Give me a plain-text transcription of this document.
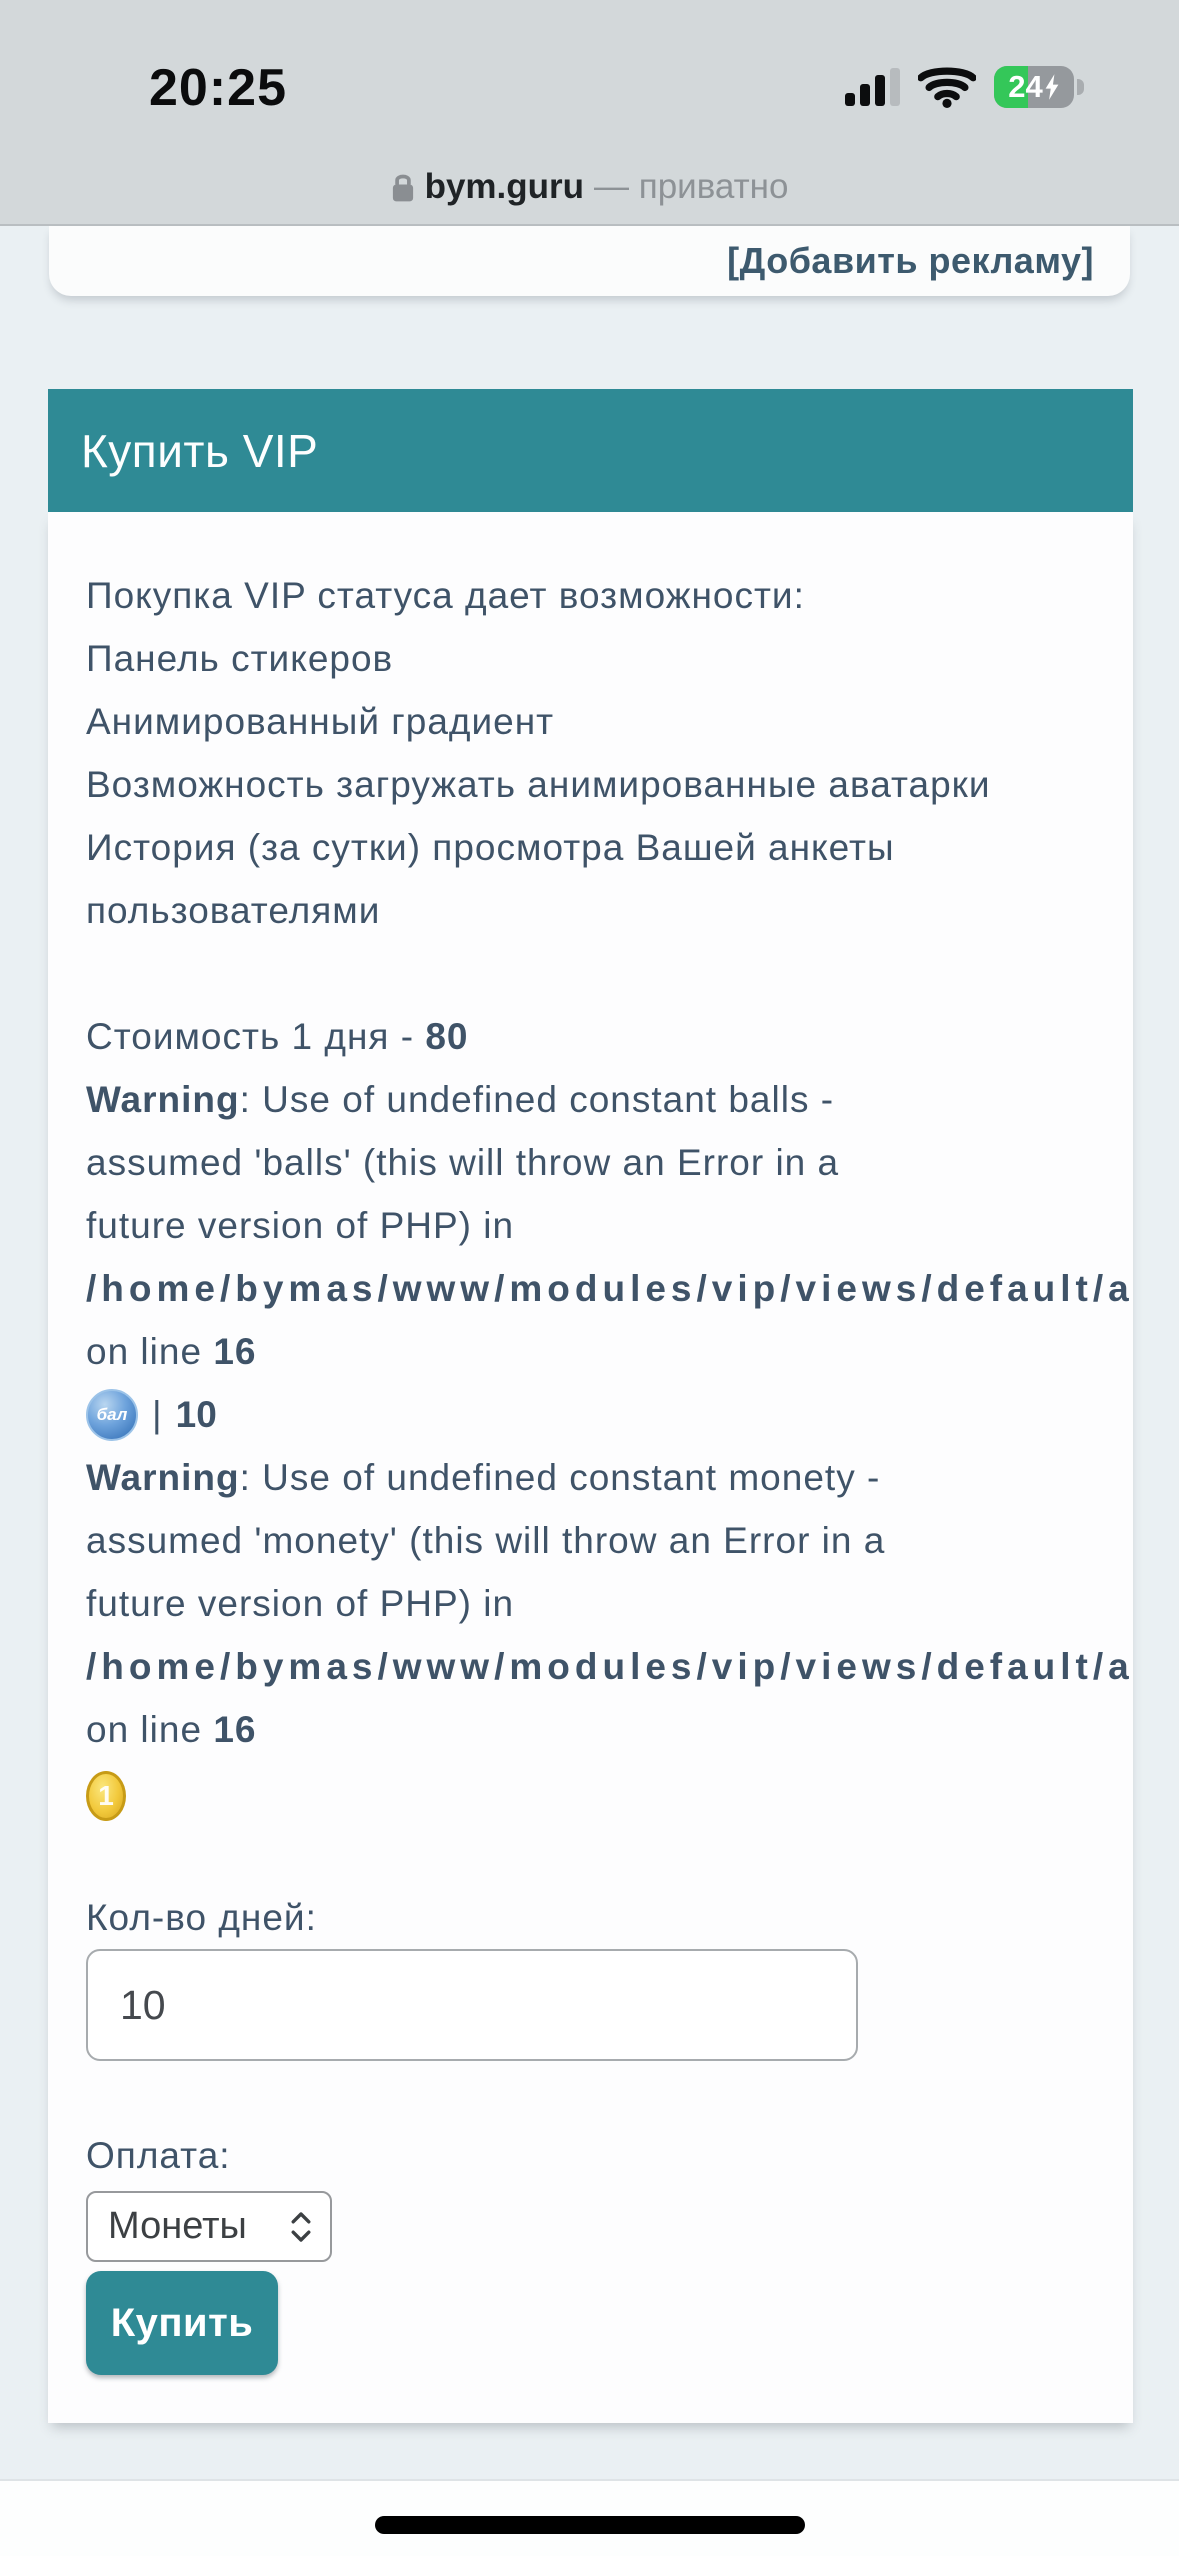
20:25	24
bym.guru — приватно
[Добавить рекламу]
Купить VIP
Покупка VIP статуса дает возможности:
Панель стикеров
Анимированный градиент
Возможность загружать анимированные аватарки
История (за сутки) просмотра Вашей анкеты
пользователями
Стоимость 1 дня - 80
Warning : Use of undefined constant balls -
assumed 'balls' (this will throw an Error in a
future version of PHP) in
/home/bymas/www/modules/vip/views/default/a
on line 16
бал | 10
Warning : Use of undefined constant monety -
assumed 'monety' (this will throw an Error in a
future version of PHP) in
/home/bymas/www/modules/vip/views/default/a
on line 16
1
Кол-во дней:
10
Оплата:
Монеты
Купить
